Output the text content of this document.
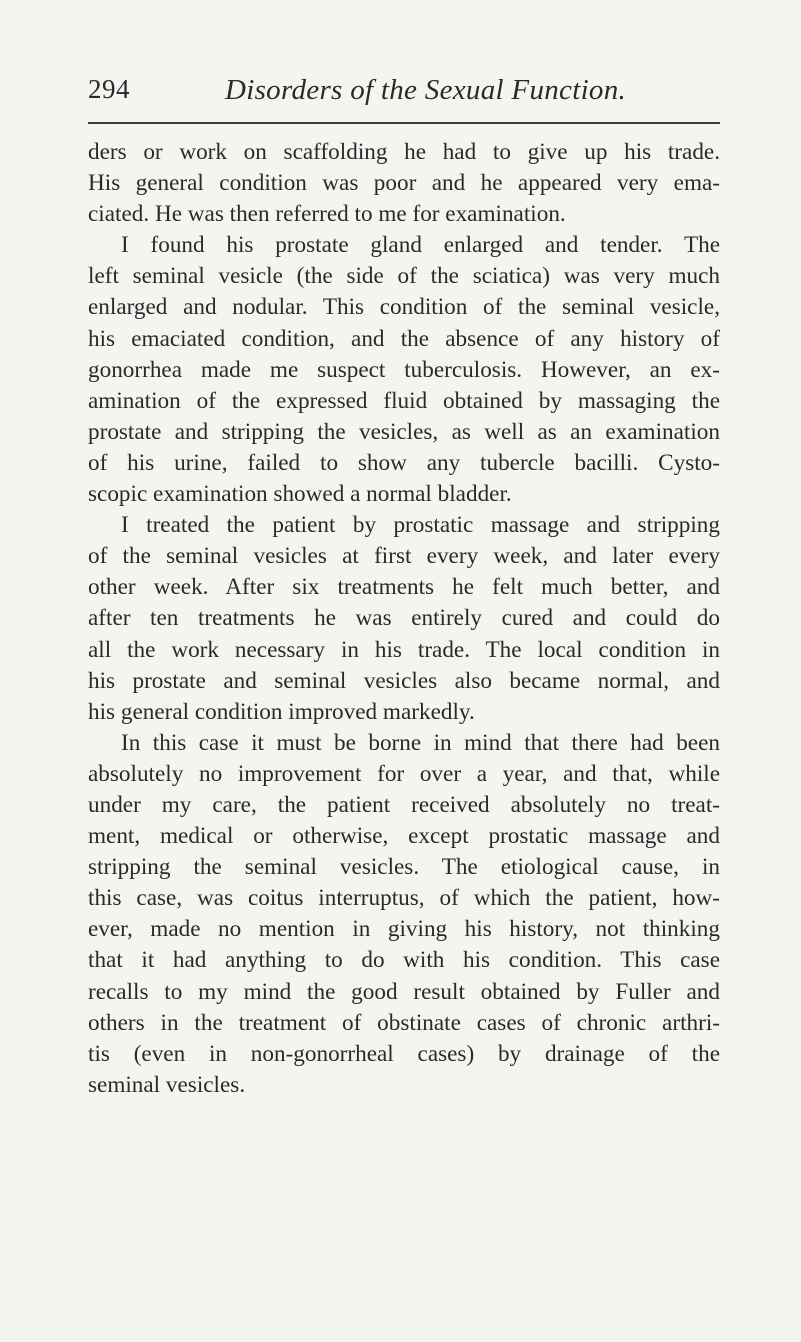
294	Disorders of the Sexual Function.
ders or work on scaffolding he had to give up his trade.
His general condition was poor and he appeared very ema-
ciated. He was then referred to me for examination.
I found his prostate gland enlarged and tender. The
left seminal vesicle (the side of the sciatica) was very much
enlarged and nodular. This condition of the seminal vesicle,
his emaciated condition, and the absence of any history of
gonorrhea made me suspect tuberculosis. However, an ex-
amination of the expressed fluid obtained by massaging the
prostate and stripping the vesicles, as well as an examination
of his urine, failed to show any tubercle bacilli. Cysto-
scopic examination showed a normal bladder.
I treated the patient by prostatic massage and stripping
of the seminal vesicles at first every week, and later every
other week. After six treatments he felt much better, and
after ten treatments he was entirely cured and could do
all the work necessary in his trade. The local condition in
his prostate and seminal vesicles also became normal, and
his general condition improved markedly.
In this case it must be borne in mind that there had been
absolutely no improvement for over a year, and that, while
under my care, the patient received absolutely no treat-
ment, medical or otherwise, except prostatic massage and
stripping the seminal vesicles. The etiological cause, in
this case, was coitus interruptus, of which the patient, how-
ever, made no mention in giving his history, not thinking
that it had anything to do with his condition. This case
recalls to my mind the good result obtained by Fuller and
others in the treatment of obstinate cases of chronic arthri-
tis (even in non-gonorrheal cases) by drainage of the
seminal vesicles.
